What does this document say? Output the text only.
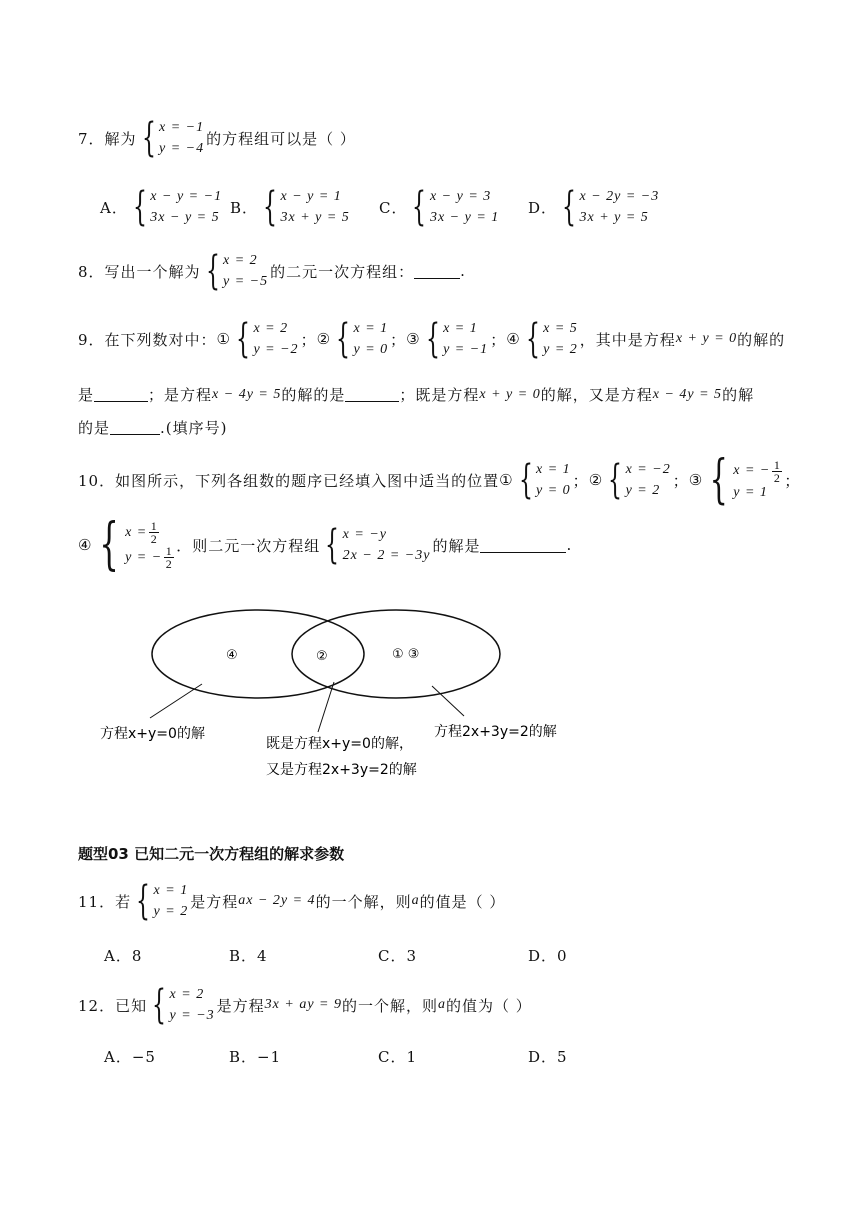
7．解为 { x = −1
y = −4
的方程组可以是（ ）
A． { x − y = −1
3x − y = 5
B． { x − y = 1
3x + y = 5
C． { x − y = 3
3x − y = 1
D． { x − 2y = −3
3x + y = 5
8．写出一个解为 { x = 2
y = −5
的二元一次方程组：	.
9．在下列数对中： ① { x = 2
y = −2
； ② { x = 1
y = 0
； ③ { x = 1
y = −1
； ④ { x = 5
y = 2
， 其中是方程 x + y = 0 的解的
是	；是方程 x − 4y = 5 的解的是	；既是方程 x + y = 0 的解，又是方程 x − 4y = 5 的解
的是	.(填序号)
10．如图所示，下列各组数的题序已经填入图中适当的位置 ① { x = 1
y = 0
； ② { x = −2
y = 2
； ③ { x = − $\frac{1}{2}$
y = 1
；
④ { $x = \frac{1}{2}$
y = − $\frac{1}{2}$ ．则二元一次方程组 { x = −y
2x − 2 = −3y
的解是	.
④	②	① ③
方程x+y=0的解
既是方程x+y=0的解，
又是方程2x+3y=2的解
方程2x+3y=2的解
题型03 已知二元一次方程组的解求参数
11．若 { x = 1
y = 2
是方程 ax − 2y = 4 的一个解，则 a 的值是（ ）
A． 8	B． 4	C． 3	D． 0
12．已知 { x = 2
y = −3
是方程 3x + ay = 9 的一个解，则 a 的值为（ ）
A． −5	B． −1	C． 1	D． 5
